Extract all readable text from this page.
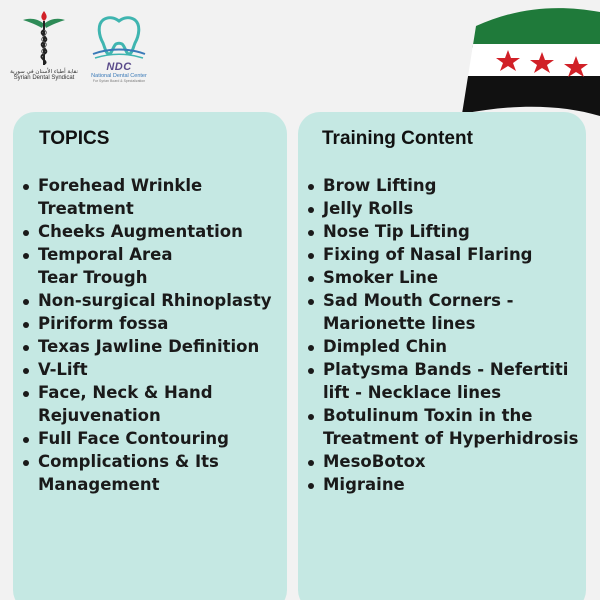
نقابة أطباء الأسنان في سورية
Syrian Dental Syndicat
NDC
National Dental Center
For Syrian Board & Specialization
TOPICS
Forehead Wrinkle
Treatment
Cheeks Augmentation
Temporal Area
Tear Trough
Non-surgical Rhinoplasty
Piriform fossa
Texas Jawline Definition
V-Lift
Face, Neck & Hand
Rejuvenation
Full Face Contouring
Complications & Its
Management
Training Content
Brow Lifting
Jelly Rolls
Nose Tip Lifting
Fixing of Nasal Flaring
Smoker Line
Sad Mouth Corners -
Marionette lines
Dimpled Chin
Platysma Bands - Nefertiti
lift - Necklace lines
Botulinum Toxin in the
Treatment of Hyperhidrosis
MesoBotox
Migraine
